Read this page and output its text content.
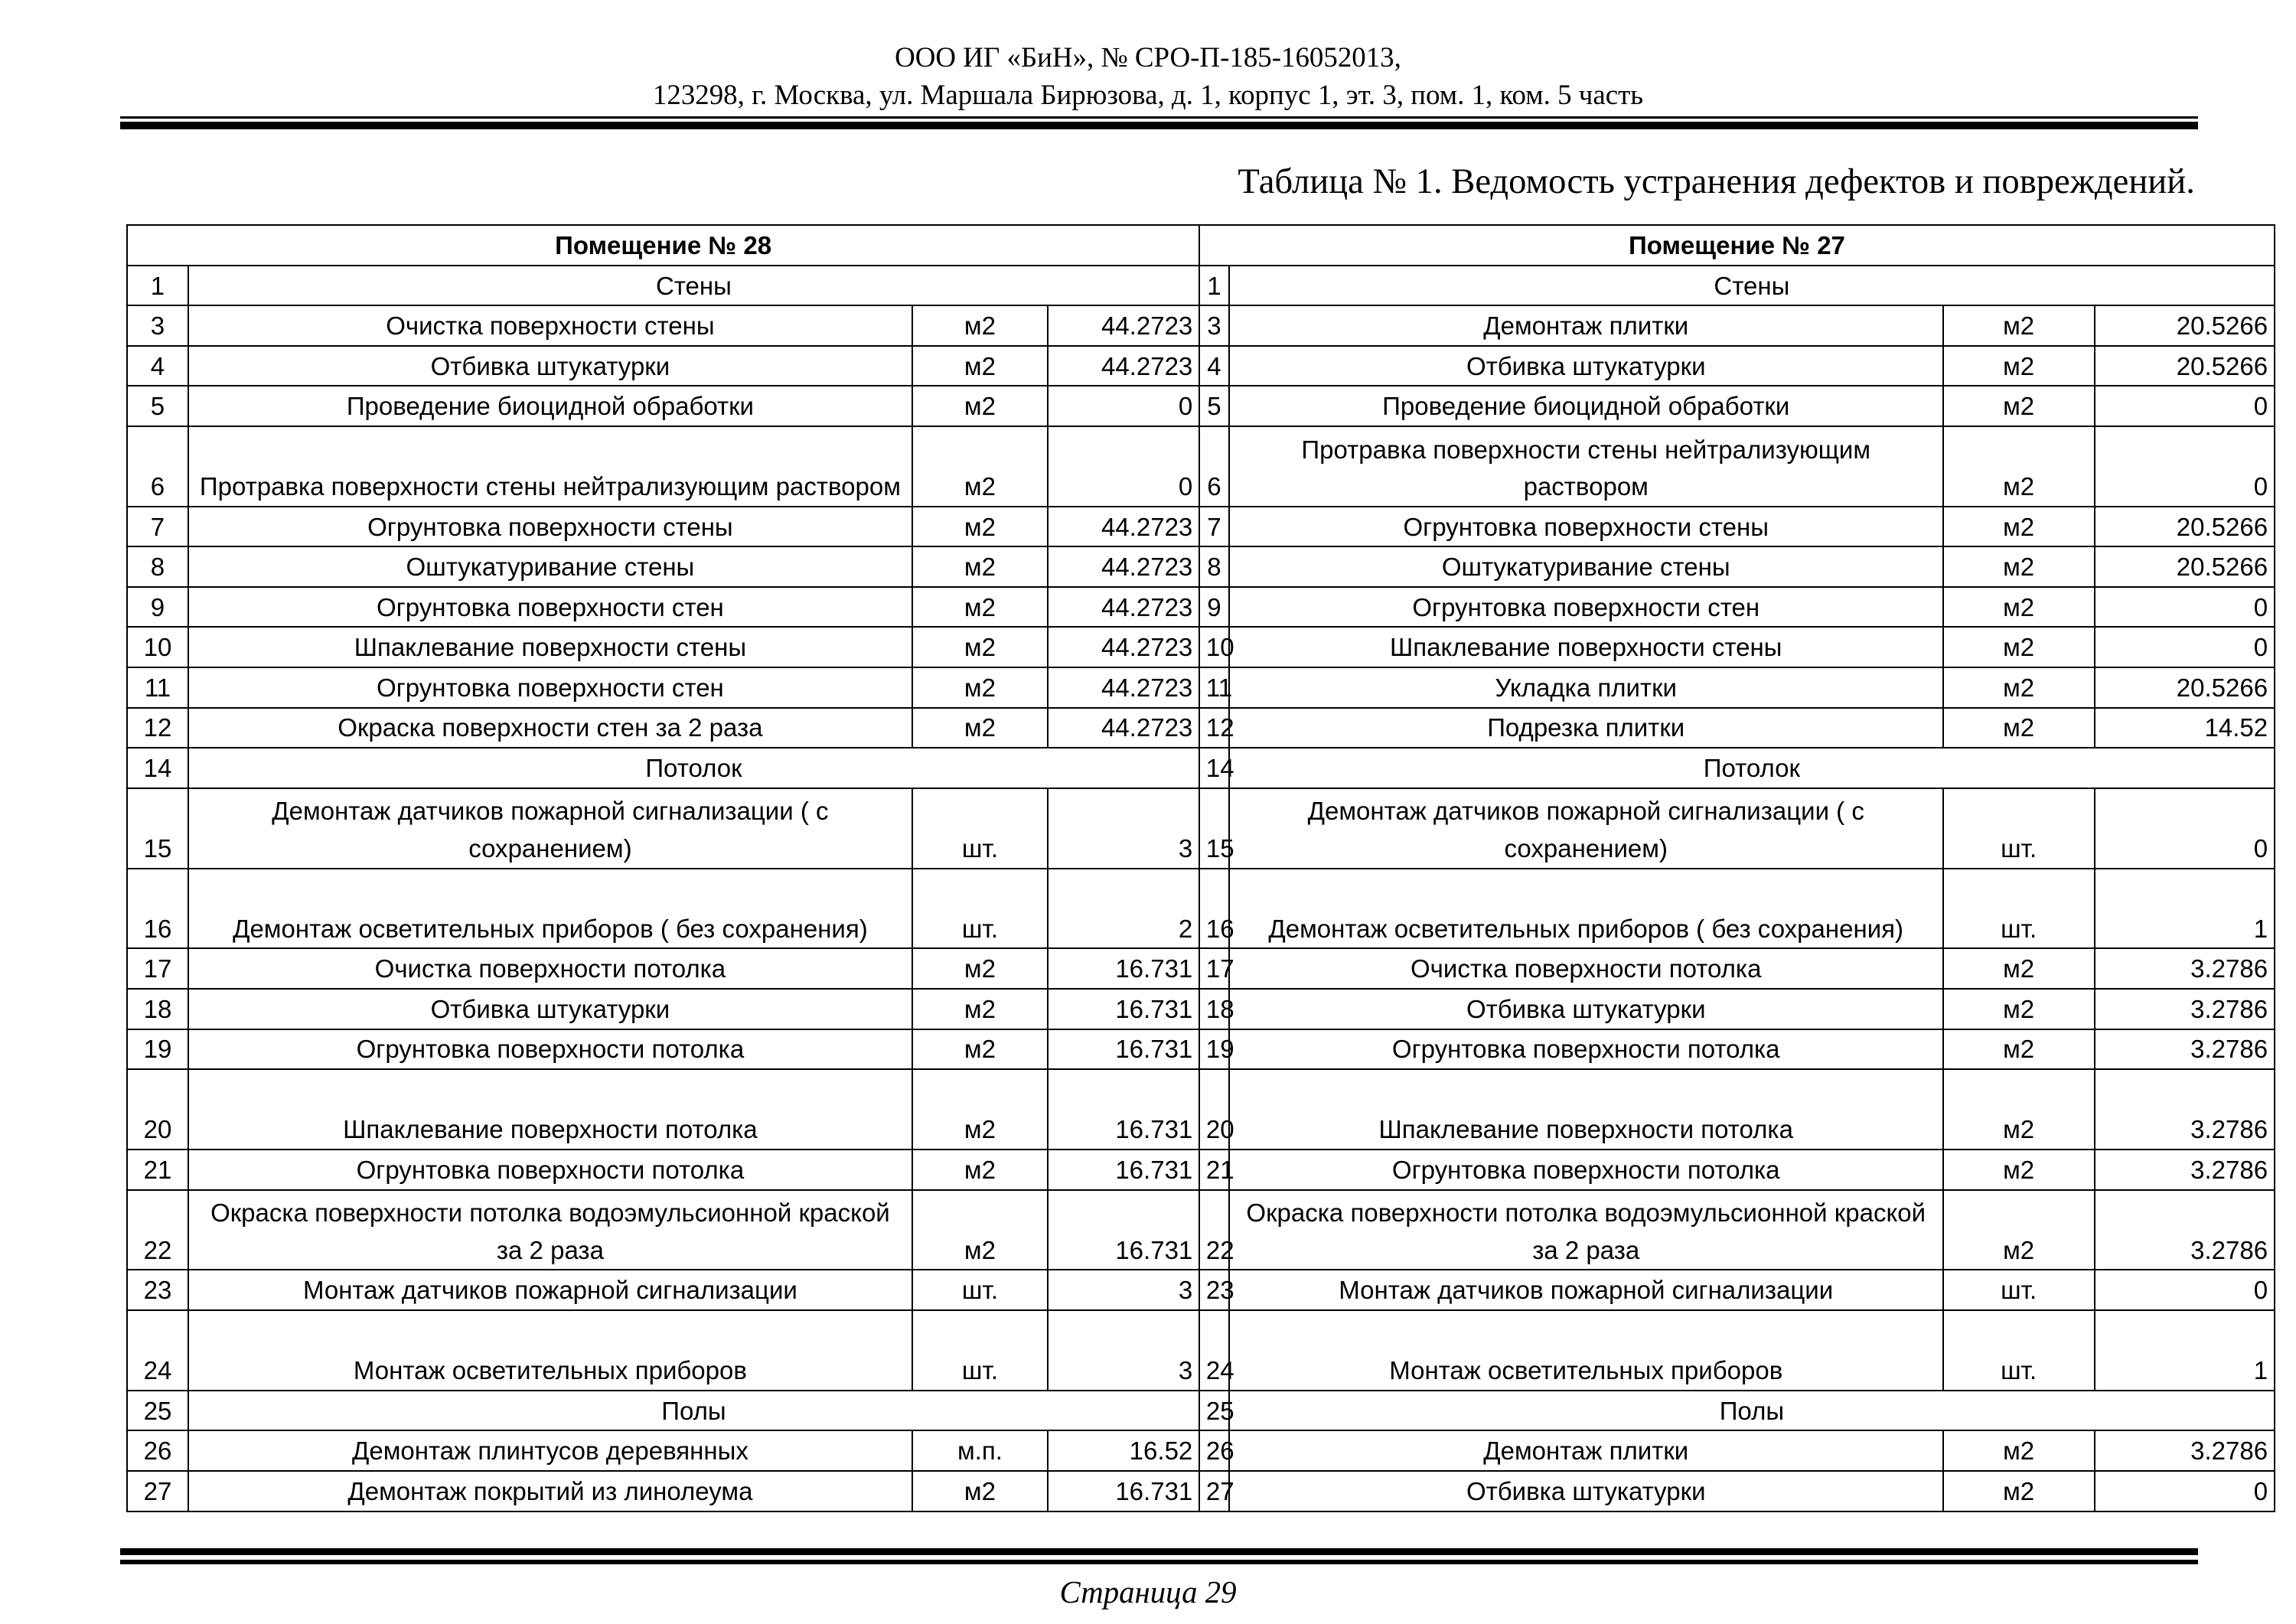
ООО ИГ «БиН», № СРО-П-185-16052013,
123298, г. Москва, ул. Маршала Бирюзова, д. 1, корпус 1, эт. 3, пом. 1, ком. 5 часть
Таблица № 1. Ведомость устранения дефектов и повреждений.
Помещение № 28				Помещение № 27			
1	Стены			1	Стены		
3	Очистка поверхности стены	м2	44.2723	3	Демонтаж плитки	м2	20.5266
4	Отбивка штукатурки	м2	44.2723	4	Отбивка штукатурки	м2	20.5266
5	Проведение биоцидной обработки	м2	0	5	Проведение биоцидной обработки	м2	0
6	Протравка поверхности стены нейтрализующим раствором	м2	0	6	Протравка поверхности стены нейтрализующим раствором	м2	0
7	Огрунтовка поверхности стены	м2	44.2723	7	Огрунтовка поверхности стены	м2	20.5266
8	Оштукатуривание стены	м2	44.2723	8	Оштукатуривание стены	м2	20.5266
9	Огрунтовка поверхности стен	м2	44.2723	9	Огрунтовка поверхности стен	м2	0
10	Шпаклевание поверхности стены	м2	44.2723	10	Шпаклевание поверхности стены	м2	0
11	Огрунтовка поверхности стен	м2	44.2723	11	Укладка плитки	м2	20.5266
12	Окраска поверхности стен за 2 раза	м2	44.2723	12	Подрезка плитки	м2	14.52
14	Потолок			14	Потолок		
15	Демонтаж датчиков пожарной сигнализации ( с сохранением)	шт.	3	15	Демонтаж датчиков пожарной сигнализации ( с сохранением)	шт.	0
16	Демонтаж осветительных приборов ( без сохранения)	шт.	2	16	Демонтаж осветительных приборов ( без сохранения)	шт.	1
17	Очистка поверхности потолка	м2	16.731	17	Очистка поверхности потолка	м2	3.2786
18	Отбивка штукатурки	м2	16.731	18	Отбивка штукатурки	м2	3.2786
19	Огрунтовка поверхности потолка	м2	16.731	19	Огрунтовка поверхности потолка	м2	3.2786
20	Шпаклевание поверхности потолка	м2	16.731	20	Шпаклевание поверхности потолка	м2	3.2786
21	Огрунтовка поверхности потолка	м2	16.731	21	Огрунтовка поверхности потолка	м2	3.2786
22	Окраска поверхности потолка водоэмульсионной краской за 2 раза	м2	16.731	22	Окраска поверхности потолка водоэмульсионной краской за 2 раза	м2	3.2786
23	Монтаж датчиков пожарной сигнализации	шт.	3	23	Монтаж датчиков пожарной сигнализации	шт.	0
24	Монтаж осветительных приборов	шт.	3	24	Монтаж осветительных приборов	шт.	1
25	Полы			25	Полы		
26	Демонтаж плинтусов деревянных	м.п.	16.52	26	Демонтаж плитки	м2	3.2786
27	Демонтаж покрытий из линолеума	м2	16.731	27	Отбивка штукатурки	м2	0
Страница 29
